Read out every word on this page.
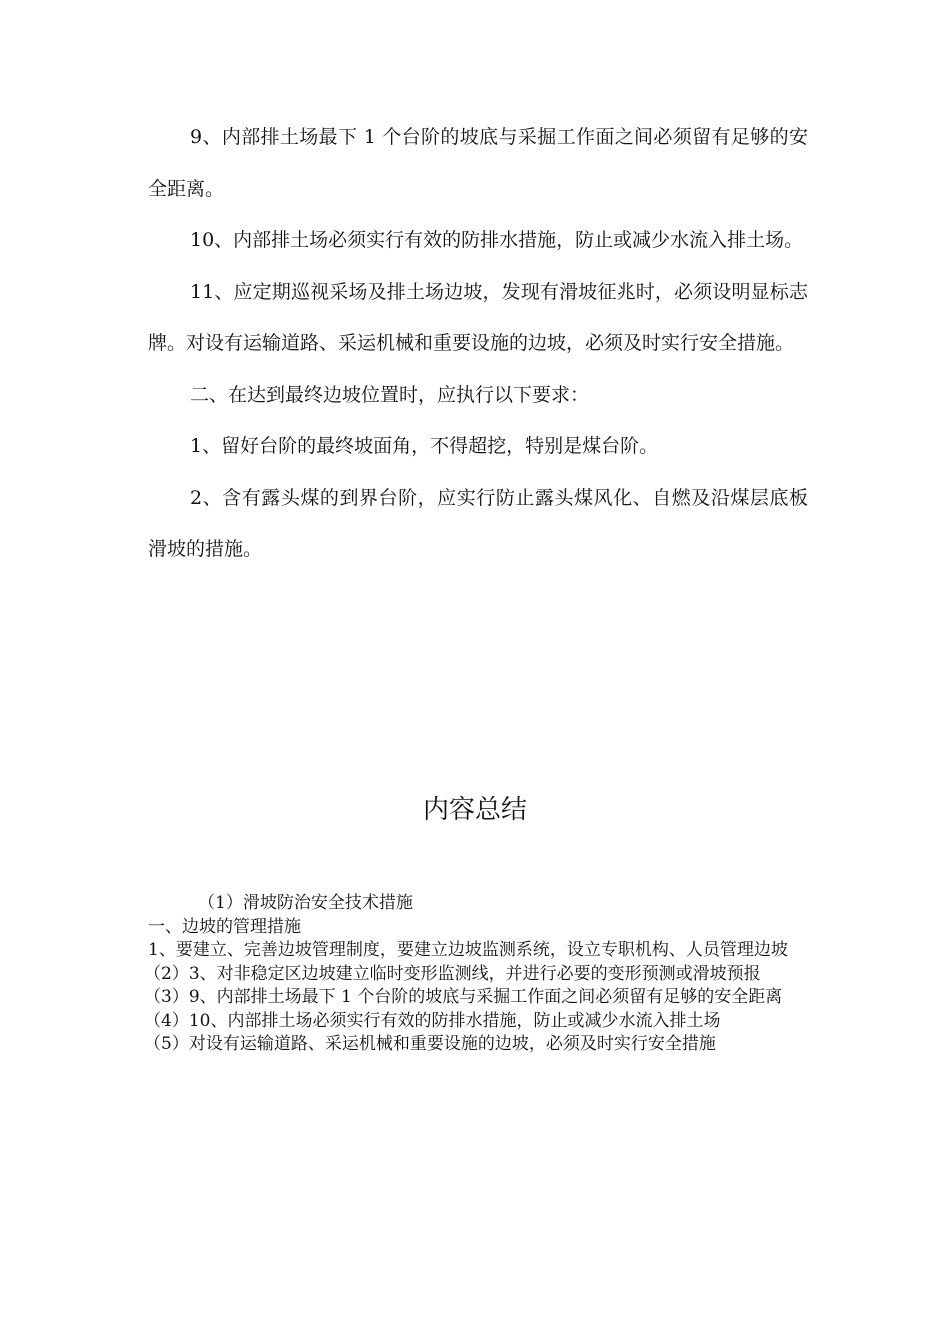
9、内部排土场最下 1 个台阶的坡底与采掘工作面之间必须留有足够的安全距离。

10、内部排土场必须实行有效的防排水措施，防止或减少水流入排土场。

11、应定期巡视采场及排土场边坡，发现有滑坡征兆时，必须设明显标志牌。对设有运输道路、采运机械和重要设施的边坡，必须及时实行安全措施。

二、在达到最终边坡位置时，应执行以下要求：

1、留好台阶的最终坡面角，不得超挖，特别是煤台阶。

2、含有露头煤的到界台阶，应实行防止露头煤风化、自燃及沿煤层底板滑坡的措施。

内容总结

（1）滑坡防治安全技术措施

一、边坡的管理措施

1、要建立、完善边坡管理制度，要建立边坡监测系统，设立专职机构、人员管理边坡

（2）3、对非稳定区边坡建立临时变形监测线，并进行必要的变形预测或滑坡预报

（3）9、内部排土场最下 1 个台阶的坡底与采掘工作面之间必须留有足够的安全距离

（4）10、内部排土场必须实行有效的防排水措施，防止或减少水流入排土场

（5）对设有运输道路、采运机械和重要设施的边坡，必须及时实行安全措施
